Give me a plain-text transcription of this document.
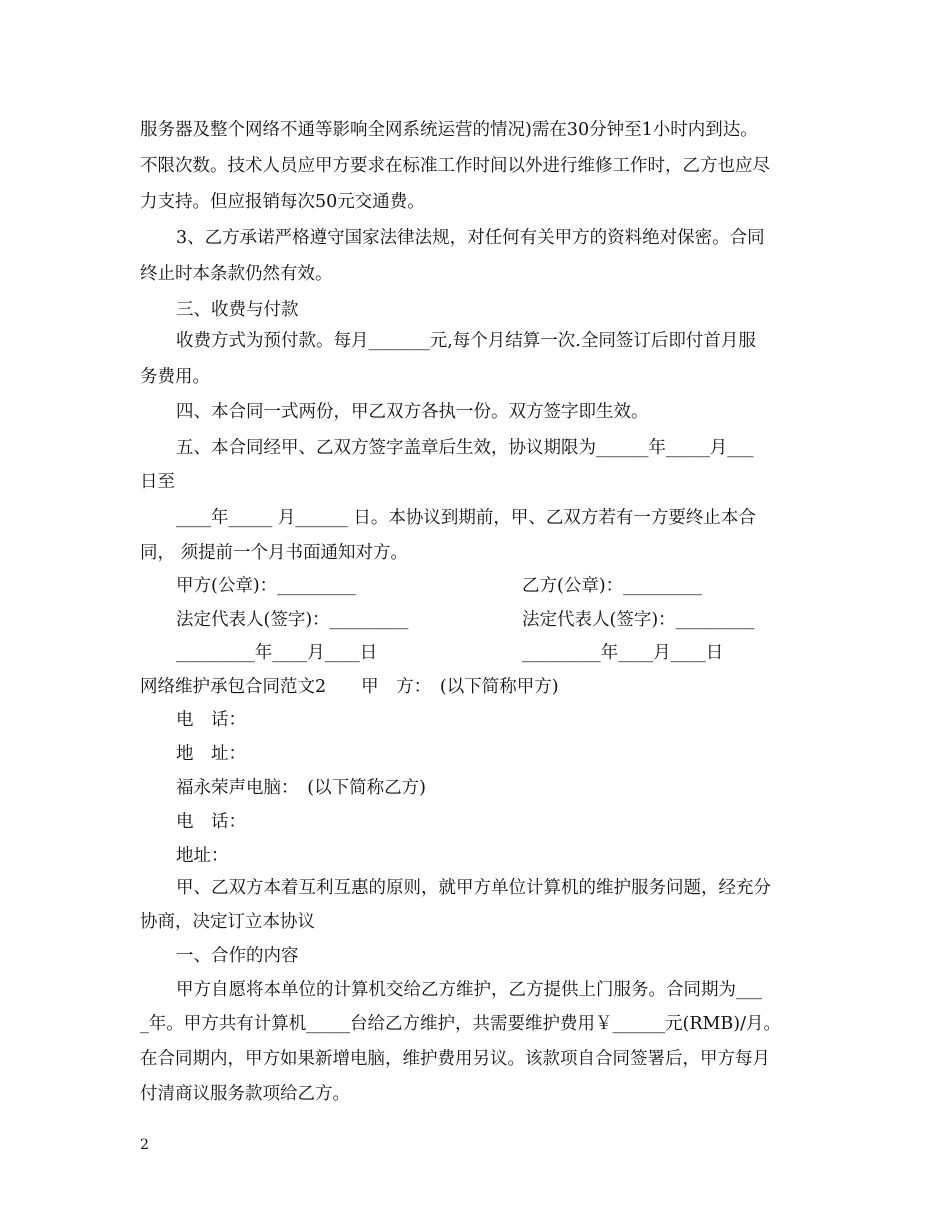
服务器及整个网络不通等影响全网系统运营的情况)需在30分钟至1小时内到达。

不限次数。技术人员应甲方要求在标准工作时间以外进行维修工作时，乙方也应尽

力支持。但应报销每次50元交通费。

3、乙方承诺严格遵守国家法律法规，对任何有关甲方的资料绝对保密。合同

终止时本条款仍然有效。

三、收费与付款

收费方式为预付款。每月_______元,每个月结算一次.全同签订后即付首月服

务费用。

四、本合同一式两份，甲乙双方各执一份。双方签字即生效。

五、本合同经甲、乙双方签字盖章后生效，协议期限为______年_____月___

日至

____年_____ 月______ 日。本协议到期前，甲、乙双方若有一方要终止本合

同， 须提前一个月书面通知对方。

甲方(公章)：_________	乙方(公章)：_________

法定代表人(签字)：_________	法定代表人(签字)：_________

_________年____月____日	_________年____月____日

网络维护承包合同范文2　　甲　方：　(以下简称甲方)

电　话：

地　址：

福永荣声电脑：　(以下简称乙方)

电　话：

地址：

甲、乙双方本着互利互惠的原则，就甲方单位计算机的维护服务问题，经充分

协商，决定订立本协议

一、合作的内容

甲方自愿将本单位的计算机交给乙方维护，乙方提供上门服务。合同期为___

_年。甲方共有计算机_____台给乙方维护，共需要维护费用￥______元(RMB)/月。

在合同期内，甲方如果新增电脑，维护费用另议。该款项自合同签署后，甲方每月

付清商议服务款项给乙方。

2
